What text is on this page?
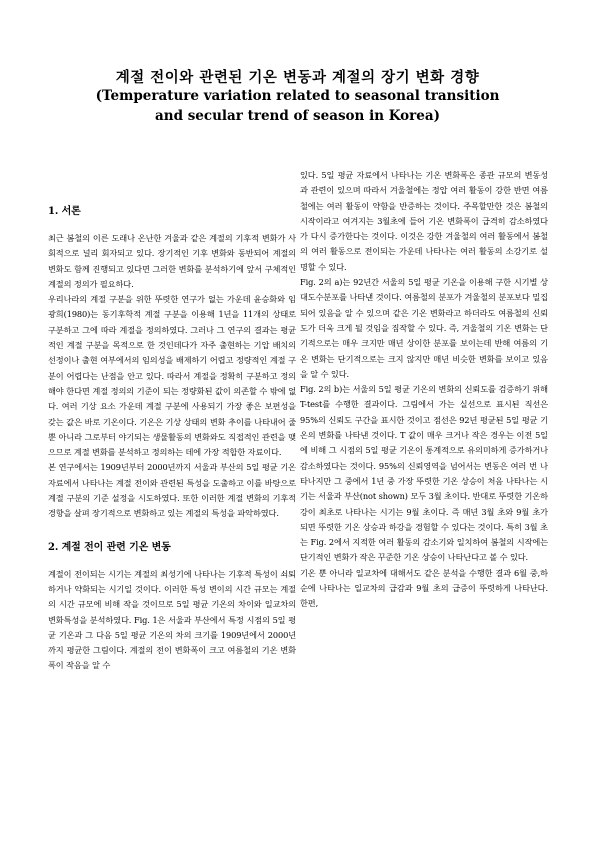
계절 전이와 관련된 기온 변동과 계절의 장기 변화 경향
(Temperature variation related to seasonal transition
and secular trend of season in Korea)
1. 서론

최근 봄철의 이른 도래나 온난한 겨울과 같은 계절의 기후적 변화가 사회적으로 널리 회자되고 있다. 장기적인 기후 변화와 동반되어 계절의 변화도 함께 진행되고 있다면 그러한 변화를 분석하기에 앞서 구체적인 계절의 정의가 필요하다.

우리나라의 계절 구분을 위한 뚜렷한 연구가 없는 가운데 윤승화와 임광희(1980)는 동기후학적 계절 구분을 이용해 1년을 11개의 상태로 구분하고 그에 따라 계절을 정의하였다. 그러나 그 연구의 결과는 평균적인 계절 구분을 목적으로 한 것인데다가 자주 출현하는 기압 배치의 선정이나 출현 여부에서의 임의성을 배제하기 어렵고 정량적인 계절 구분이 어렵다는 난점을 안고 있다. 따라서 계절을 정확히 구분하고 정의해야 한다면 계절 정의의 기준이 되는 정량화된 값이 의존할 수 밖에 없다. 여러 기상 요소 가운데 계절 구분에 사용되기 가장 좋은 보편성을 갖는 값은 바로 기온이다. 기온은 기상 상태의 변화 추이를 나타내어 줄 뿐 아니라 그로부터 야기되는 생물활동의 변화와도 직접적인 관련을 맺으므로 계절 변화를 분석하고 정의하는 데에 가장 적합한 자료이다.

본 연구에서는 1909년부터 2000년까지 서울과 부산의 5일 평균 기온 자료에서 나타나는 계절 전이와 관련된 특성을 도출하고 이를 바탕으로 계절 구분의 기준 설정을 시도하였다. 또한 이러한 계절 변화의 기후적 경향을 살펴 장기적으로 변화하고 있는 계절의 특성을 파악하였다.

2. 계절 전이 관련 기온 변동

계절이 전이되는 시기는 계절의 최성기에 나타나는 기후적 특성이 쇠퇴하거나 약화되는 시기일 것이다. 이러한 특성 변이의 시간 규모는 계절의 시간 규모에 비해 작을 것이므로 5일 평균 기온의 차이와 일교차의 변화특성을 분석하였다. Fig. 1은 서울과 부산에서 특정 시점의 5일 평균 기온과 그 다음 5일 평균 기온의 차의 크기를 1909년에서 2000년까지 평균한 그림이다. 계절의 전이 변화폭이 크고 여름철의 기온 변화폭이 작음을 알 수

있다. 5일 평균 자료에서 나타나는 기온 변화폭은 종관 규모의 변동성과 관련이 있으며 따라서 겨울철에는 정압 여러 활동이 강한 반면 여름철에는 여러 활동이 약함을 반증하는 것이다. 주목할만한 것은 봄철의 시작이라고 여겨지는 3월초에 들어 기온 변화폭이 급격히 감소하였다가 다시 증가한다는 것이다. 이것은 강한 겨울철의 여러 활동에서 봄철의 여러 활동으로 전이되는 가운데 나타나는 여러 활동의 소강기로 설명할 수 있다.

Fig. 2의 a)는 92년간 서울의 5일 평균 기온을 이용해 구한 시기별 상대도수분포를 나타낸 것이다. 여름철의 분포가 겨울철의 분포보다 밀집되어 있음을 알 수 있으며 같은 기온 변화라고 하더라도 여름철의 신뢰도가 더욱 크게 될 것임을 짐작할 수 있다. 즉, 겨울철의 기온 변화는 단기적으로는 매우 크지만 매년 상이한 분포를 보이는데 반해 여름의 기온 변화는 단기적으로는 크지 않지만 매년 비슷한 변화를 보이고 있음을 알 수 있다.

Fig. 2의 b)는 서울의 5일 평균 기온의 변화의 신뢰도를 검증하기 위해 T-test를 수행한 결과이다. 그림에서 가는 실선으로 표시된 직선은 95%의 신뢰도 구간을 표시한 것이고 점선은 92년 평균된 5일 평균 기온의 변화를 나타낸 것이다. T 값이 매우 크거나 작은 경우는 이전 5일에 비해 그 시점의 5일 평균 기온이 통계적으로 유의미하게 증가하거나 감소하였다는 것이다. 95%의 신뢰영역을 넘어서는 변동은 여러 번 나타나지만 그 중에서 1년 중 가장 뚜렷한 기온 상승이 처음 나타나는 시기는 서울과 부산(not shown) 모두 3월 초이다. 반대로 뚜렷한 기온하강이 최초로 나타나는 시기는 9월 초이다. 즉 매년 3월 초와 9월 초가 되면 뚜렷한 기온 상승과 하강을 경험할 수 있다는 것이다. 특히 3월 초는 Fig. 2에서 지적한 여러 활동의 감소기와 일치하여 봄철의 시작에는 단기적인 변화가 작은 꾸준한 기온 상승이 나타난다고 볼 수 있다.

기온 뿐 아니라 일교차에 대해서도 같은 분석을 수행한 결과 6월 중,하순에 나타나는 일교차의 급감과 9월 초의 급증이 뚜렷하게 나타난다. 한편,
